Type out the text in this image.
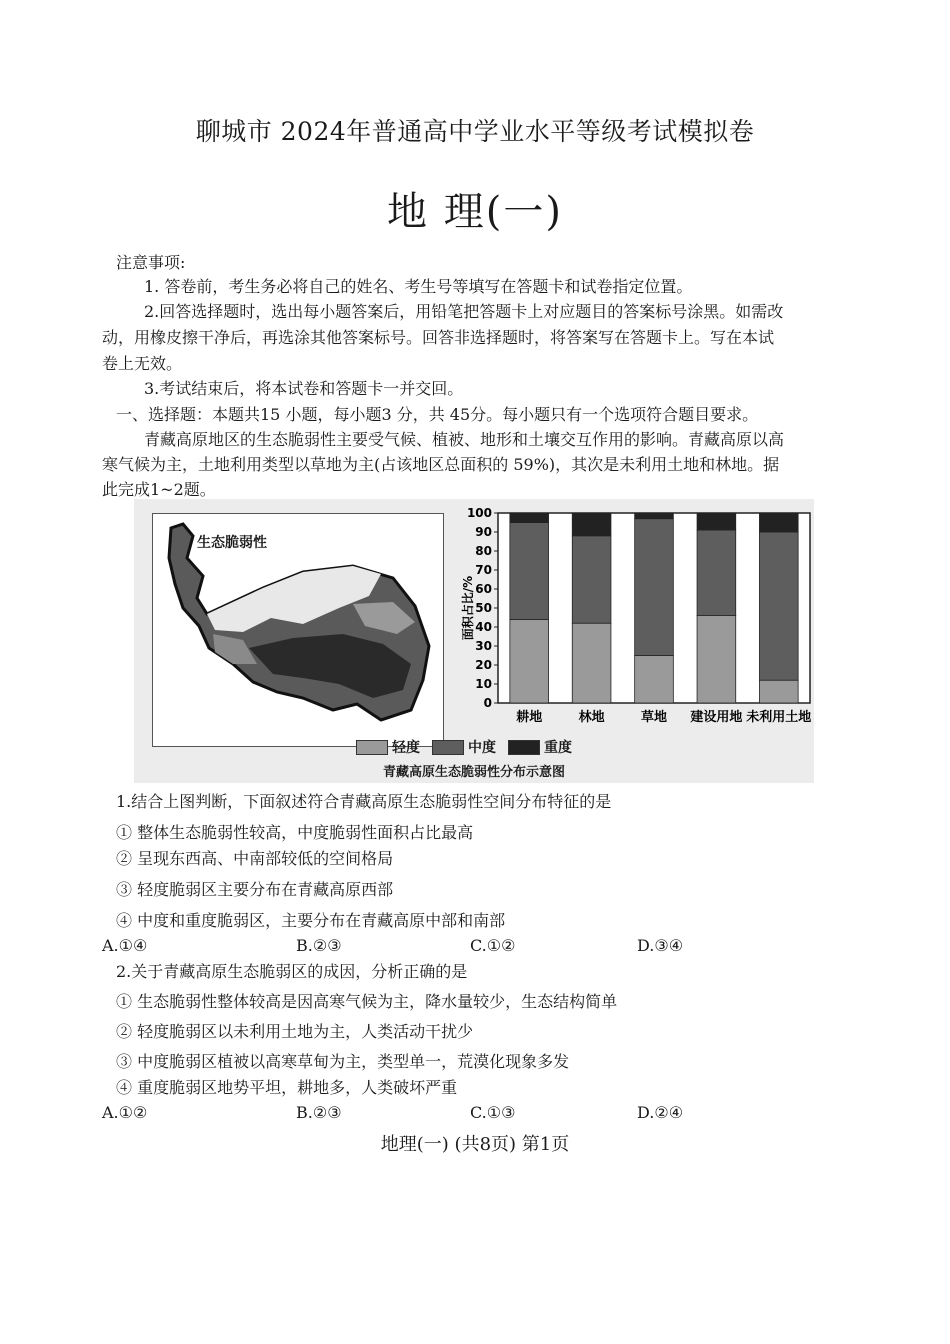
聊城市 2024年普通高中学业水平等级考试模拟卷
地 理(一)
注意事项:
1. 答卷前，考生务必将自己的姓名、考生号等填写在答题卡和试卷指定位置。
2.回答选择题时，选出每小题答案后，用铅笔把答题卡上对应题目的答案标号涂黑。如需改
动，用橡皮擦干净后，再选涂其他答案标号。回答非选择题时，将答案写在答题卡上。写在本试
卷上无效。
3.考试结束后，将本试卷和答题卡一并交回。
一、选择题：本题共15 小题，每小题3 分，共 45分。每小题只有一个选项符合题目要求。
青藏高原地区的生态脆弱性主要受气候、植被、地形和土壤交互作用的影响。青藏高原以高
寒气候为主，土地利用类型以草地为主(占该地区总面积的 59%)，其次是未利用土地和林地。据
此完成1~2题。
生态脆弱性
0
10
20
30
40
50
60
70
80
90
100
面积占比/%
耕地	林地	草地 建设用地 未利用土地
轻度	中度	重度
青藏高原生态脆弱性分布示意图
1.结合上图判断，下面叙述符合青藏高原生态脆弱性空间分布特征的是
① 整体生态脆弱性较高，中度脆弱性面积占比最高
② 呈现东西高、中南部较低的空间格局
③ 轻度脆弱区主要分布在青藏高原西部
④ 中度和重度脆弱区，主要分布在青藏高原中部和南部
A.①④	B.②③	C.①②	D.③④
2.关于青藏高原生态脆弱区的成因，分析正确的是
① 生态脆弱性整体较高是因高寒气候为主，降水量较少，生态结构简单
② 轻度脆弱区以未利用土地为主，人类活动干扰少
③ 中度脆弱区植被以高寒草甸为主，类型单一，荒漠化现象多发
④ 重度脆弱区地势平坦，耕地多，人类破坏严重
A.①②	B.②③	C.①③	D.②④
地理(一) (共8页) 第1页
